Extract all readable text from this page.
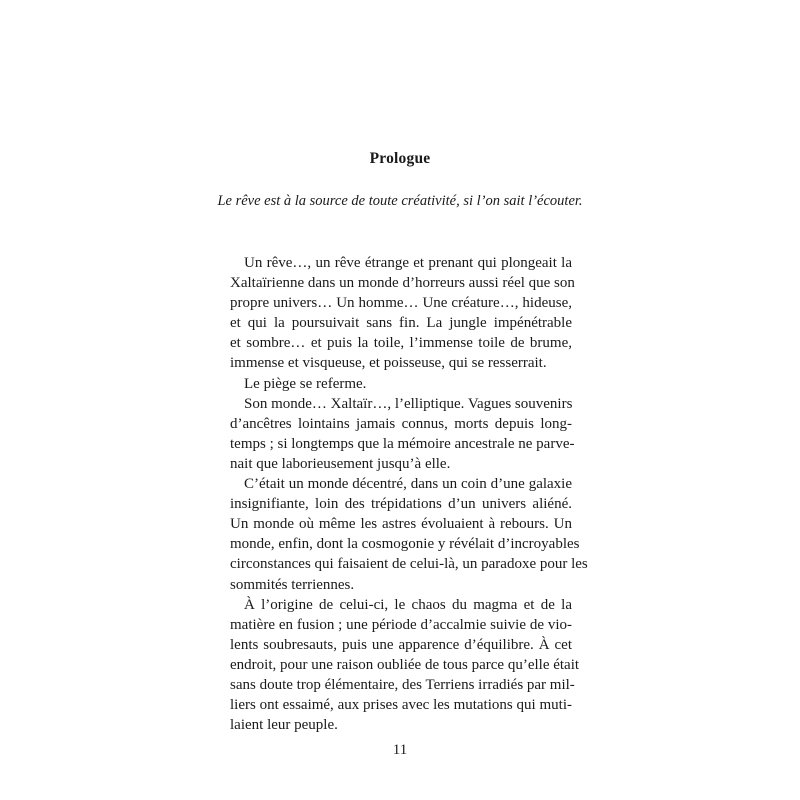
Prologue
Le rêve est à la source de toute créativité, si l’on sait l’écouter.
Un rêve…, un rêve étrange et prenant qui plongeait la
Xaltaïrienne dans un monde d’horreurs aussi réel que son
propre univers… Un homme… Une créature…, hideuse,
et qui la poursuivait sans fin. La jungle impénétrable
et sombre… et puis la toile, l’immense toile de brume,
immense et visqueuse, et poisseuse, qui se resserrait.
Le piège se referme.
Son monde… Xaltaïr…, l’elliptique. Vagues souvenirs
d’ancêtres lointains jamais connus, morts depuis long-
temps ; si longtemps que la mémoire ancestrale ne parve-
nait que laborieusement jusqu’à elle.
C’était un monde décentré, dans un coin d’une galaxie
insignifiante, loin des trépidations d’un univers aliéné.
Un monde où même les astres évoluaient à rebours. Un
monde, enfin, dont la cosmogonie y révélait d’incroyables
circonstances qui faisaient de celui-là, un paradoxe pour les
sommités terriennes.
À l’origine de celui-ci, le chaos du magma et de la
matière en fusion ; une période d’accalmie suivie de vio-
lents soubresauts, puis une apparence d’équilibre. À cet
endroit, pour une raison oubliée de tous parce qu’elle était
sans doute trop élémentaire, des Terriens irradiés par mil-
liers ont essaimé, aux prises avec les mutations qui muti-
laient leur peuple.
11
